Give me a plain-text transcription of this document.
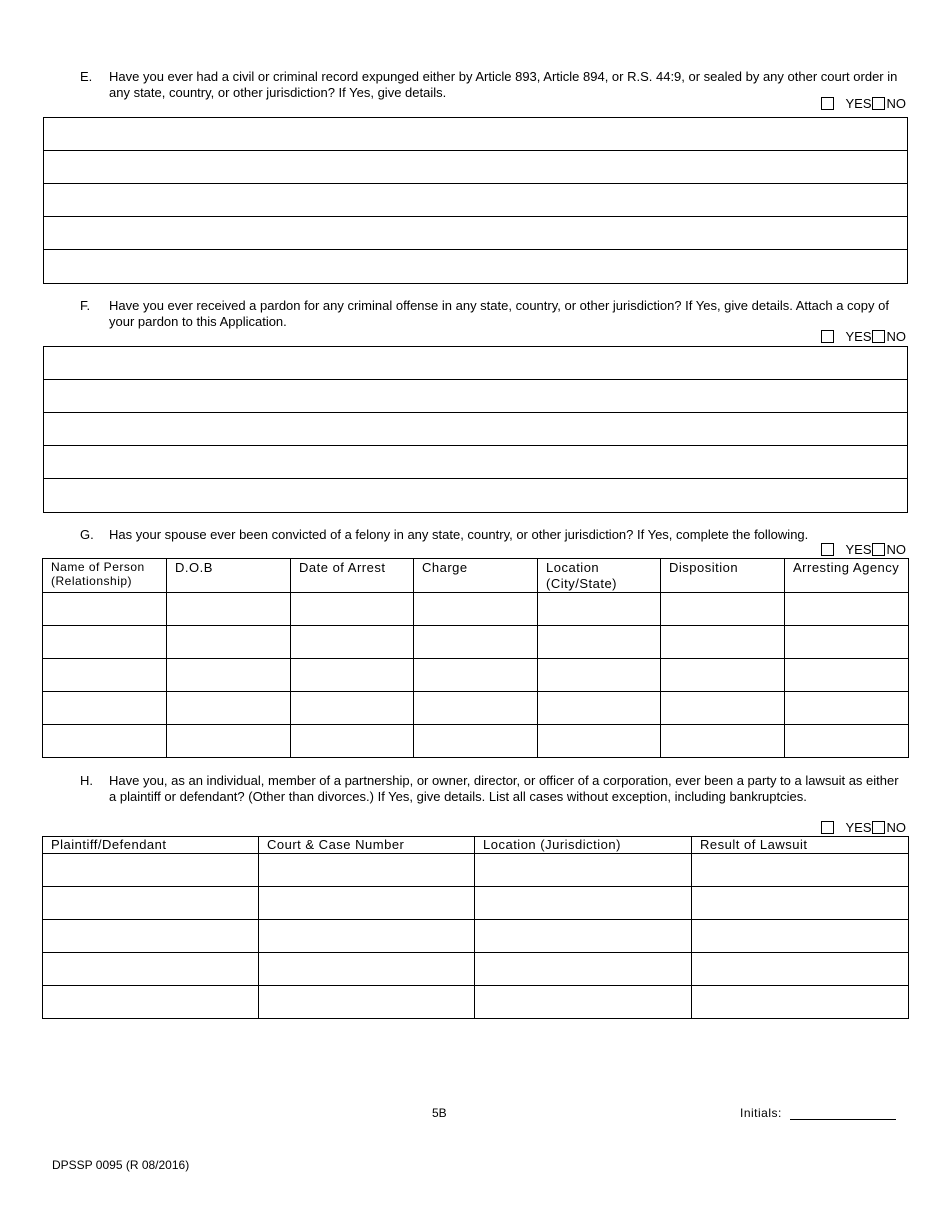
E. Have you ever had a civil or criminal record expunged either by Article 893, Article 894, or R.S. 44:9, or sealed by any other court order in any state, country, or other jurisdiction? If Yes, give details.
YES NO
F. Have you ever received a pardon for any criminal offense in any state, country, or other jurisdiction? If Yes, give details. Attach a copy of your pardon to this Application.
YES NO
G. Has your spouse ever been convicted of a felony in any state, country, or other jurisdiction? If Yes, complete the following.
YES NO
Name of Person (Relationship)	D.O.B	Date of Arrest	Charge	Location (City/State)	Disposition	Arresting Agency

H. Have you, as an individual, member of a partnership, or owner, director, or officer of a corporation, ever been a party to a lawsuit as either a plaintiff or defendant? (Other than divorces.) If Yes, give details. List all cases without exception, including bankruptcies.
YES NO
Plaintiff/Defendant	Court & Case Number	Location (Jurisdiction)	Result of Lawsuit

5B	Initials:
DPSSP 0095 (R 08/2016)
